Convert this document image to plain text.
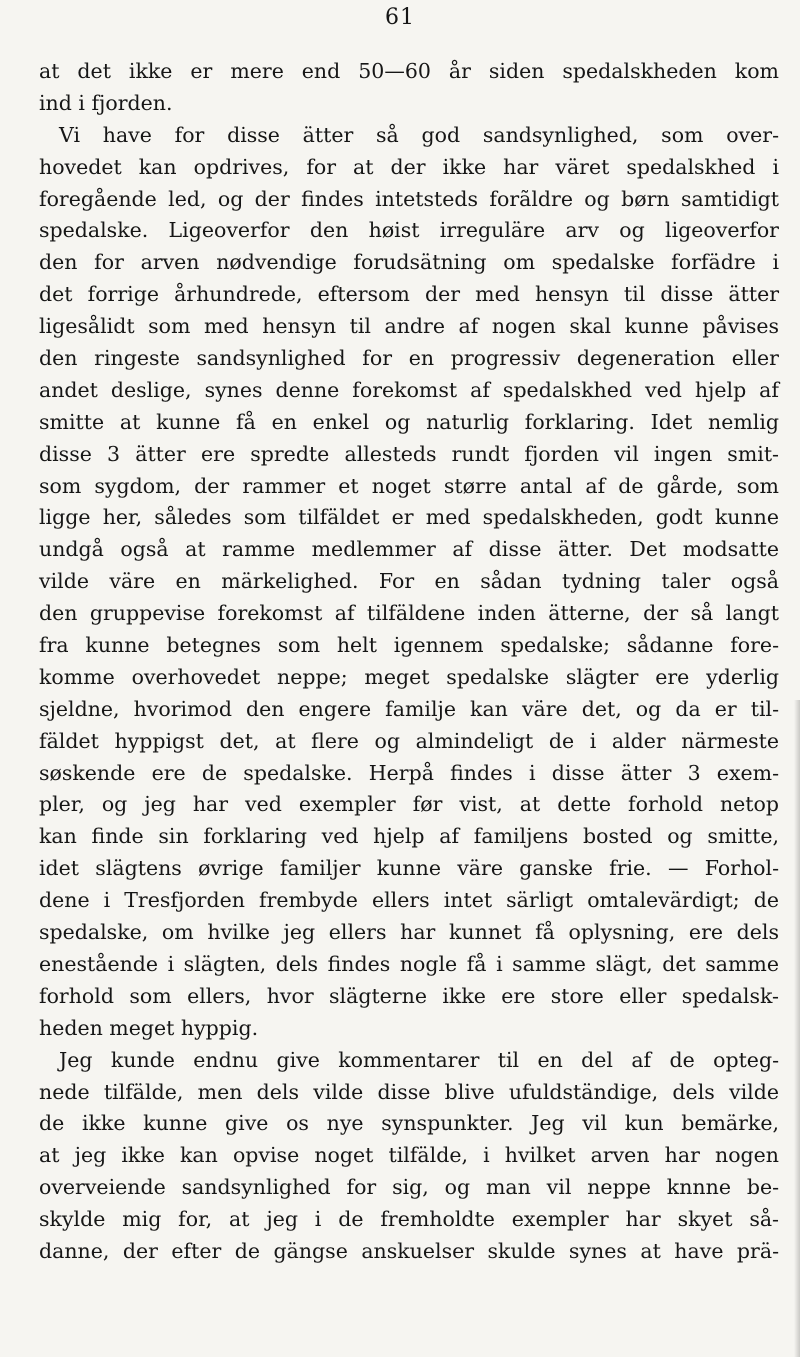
61
at det ikke er mere end 50—60 år siden spedalskheden kom
ind i fjorden.
Vi have for disse ätter så god sandsynlighed, som over-
hovedet kan opdrives, for at der ikke har väret spedalskhed i
foregående led, og der findes intetsteds forãldre og børn samtidigt
spedalske. Ligeoverfor den høist irreguläre arv og ligeoverfor
den for arven nødvendige forudsätning om spedalske forfädre i
det forrige århundrede, eftersom der med hensyn til disse ätter
ligesålidt som med hensyn til andre af nogen skal kunne påvises
den ringeste sandsynlighed for en progressiv degeneration eller
andet deslige, synes denne forekomst af spedalskhed ved hjelp af
smitte at kunne få en enkel og naturlig forklaring. Idet nemlig
disse 3 ätter ere spredte allesteds rundt fjorden vil ingen smit-
som sygdom, der rammer et noget større antal af de gårde, som
ligge her, således som tilfäldet er med spedalskheden, godt kunne
undgå også at ramme medlemmer af disse ätter. Det modsatte
vilde väre en märkelighed. For en sådan tydning taler også
den gruppevise forekomst af tilfäldene inden ätterne, der så langt
fra kunne betegnes som helt igennem spedalske; sådanne fore-
komme overhovedet neppe; meget spedalske slägter ere yderlig
sjeldne, hvorimod den engere familje kan väre det, og da er til-
fäldet hyppigst det, at flere og almindeligt de i alder närmeste
søskende ere de spedalske. Herpå findes i disse ätter 3 exem-
pler, og jeg har ved exempler før vist, at dette forhold netop
kan finde sin forklaring ved hjelp af familjens bosted og smitte,
idet slägtens øvrige familjer kunne väre ganske frie. — Forhol-
dene i Tresfjorden frembyde ellers intet särligt omtalevärdigt; de
spedalske, om hvilke jeg ellers har kunnet få oplysning, ere dels
enestående i slägten, dels findes nogle få i samme slägt, det samme
forhold som ellers, hvor slägterne ikke ere store eller spedalsk-
heden meget hyppig.
Jeg kunde endnu give kommentarer til en del af de opteg-
nede tilfälde, men dels vilde disse blive ufuldständige, dels vilde
de ikke kunne give os nye synspunkter. Jeg vil kun bemärke,
at jeg ikke kan opvise noget tilfälde, i hvilket arven har nogen
overveiende sandsynlighed for sig, og man vil neppe knnne be-
skylde mig for, at jeg i de fremholdte exempler har skyet så-
danne, der efter de gängse anskuelser skulde synes at have prä-
